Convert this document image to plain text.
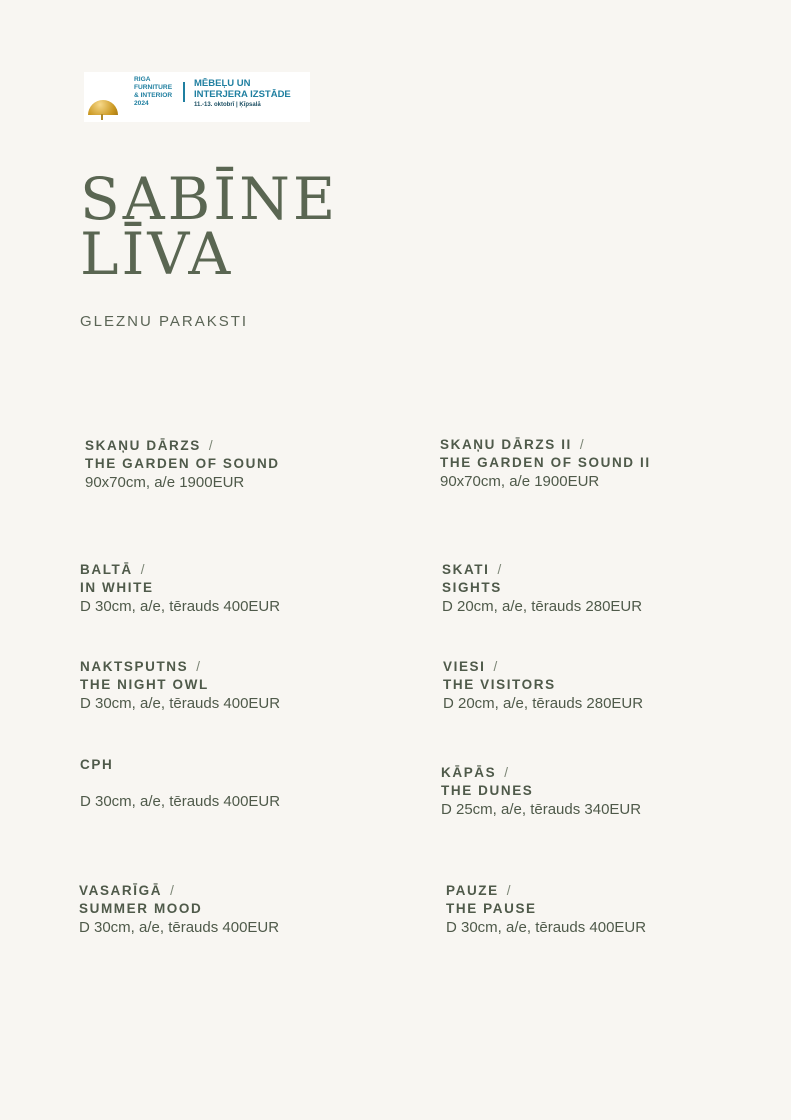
RIGA
FURNITURE
& INTERIOR
2024
MĒBEĻU UN
INTERJERA IZSTĀDE
11.-13. oktobrī | Ķīpsalā
SABĪNE
LĪVA
GLEZNU PARAKSTI
SKAŅU DĀRZS /
THE GARDEN OF SOUND
90x70cm, a/e 1900EUR
SKAŅU DĀRZS II /
THE GARDEN OF SOUND II
90x70cm, a/e 1900EUR
BALTĀ /
IN WHITE
D 30cm, a/e, tērauds 400EUR
SKATI /
SIGHTS
D 20cm, a/e, tērauds 280EUR
NAKTSPUTNS /
THE NIGHT OWL
D 30cm, a/e, tērauds 400EUR
VIESI /
THE VISITORS
D 20cm, a/e, tērauds 280EUR
CPH
D 30cm, a/e, tērauds 400EUR
KĀPĀS /
THE DUNES
D 25cm, a/e, tērauds 340EUR
VASARĪGĀ /
SUMMER MOOD
D 30cm, a/e, tērauds 400EUR
PAUZE /
THE PAUSE
D 30cm, a/e, tērauds 400EUR
